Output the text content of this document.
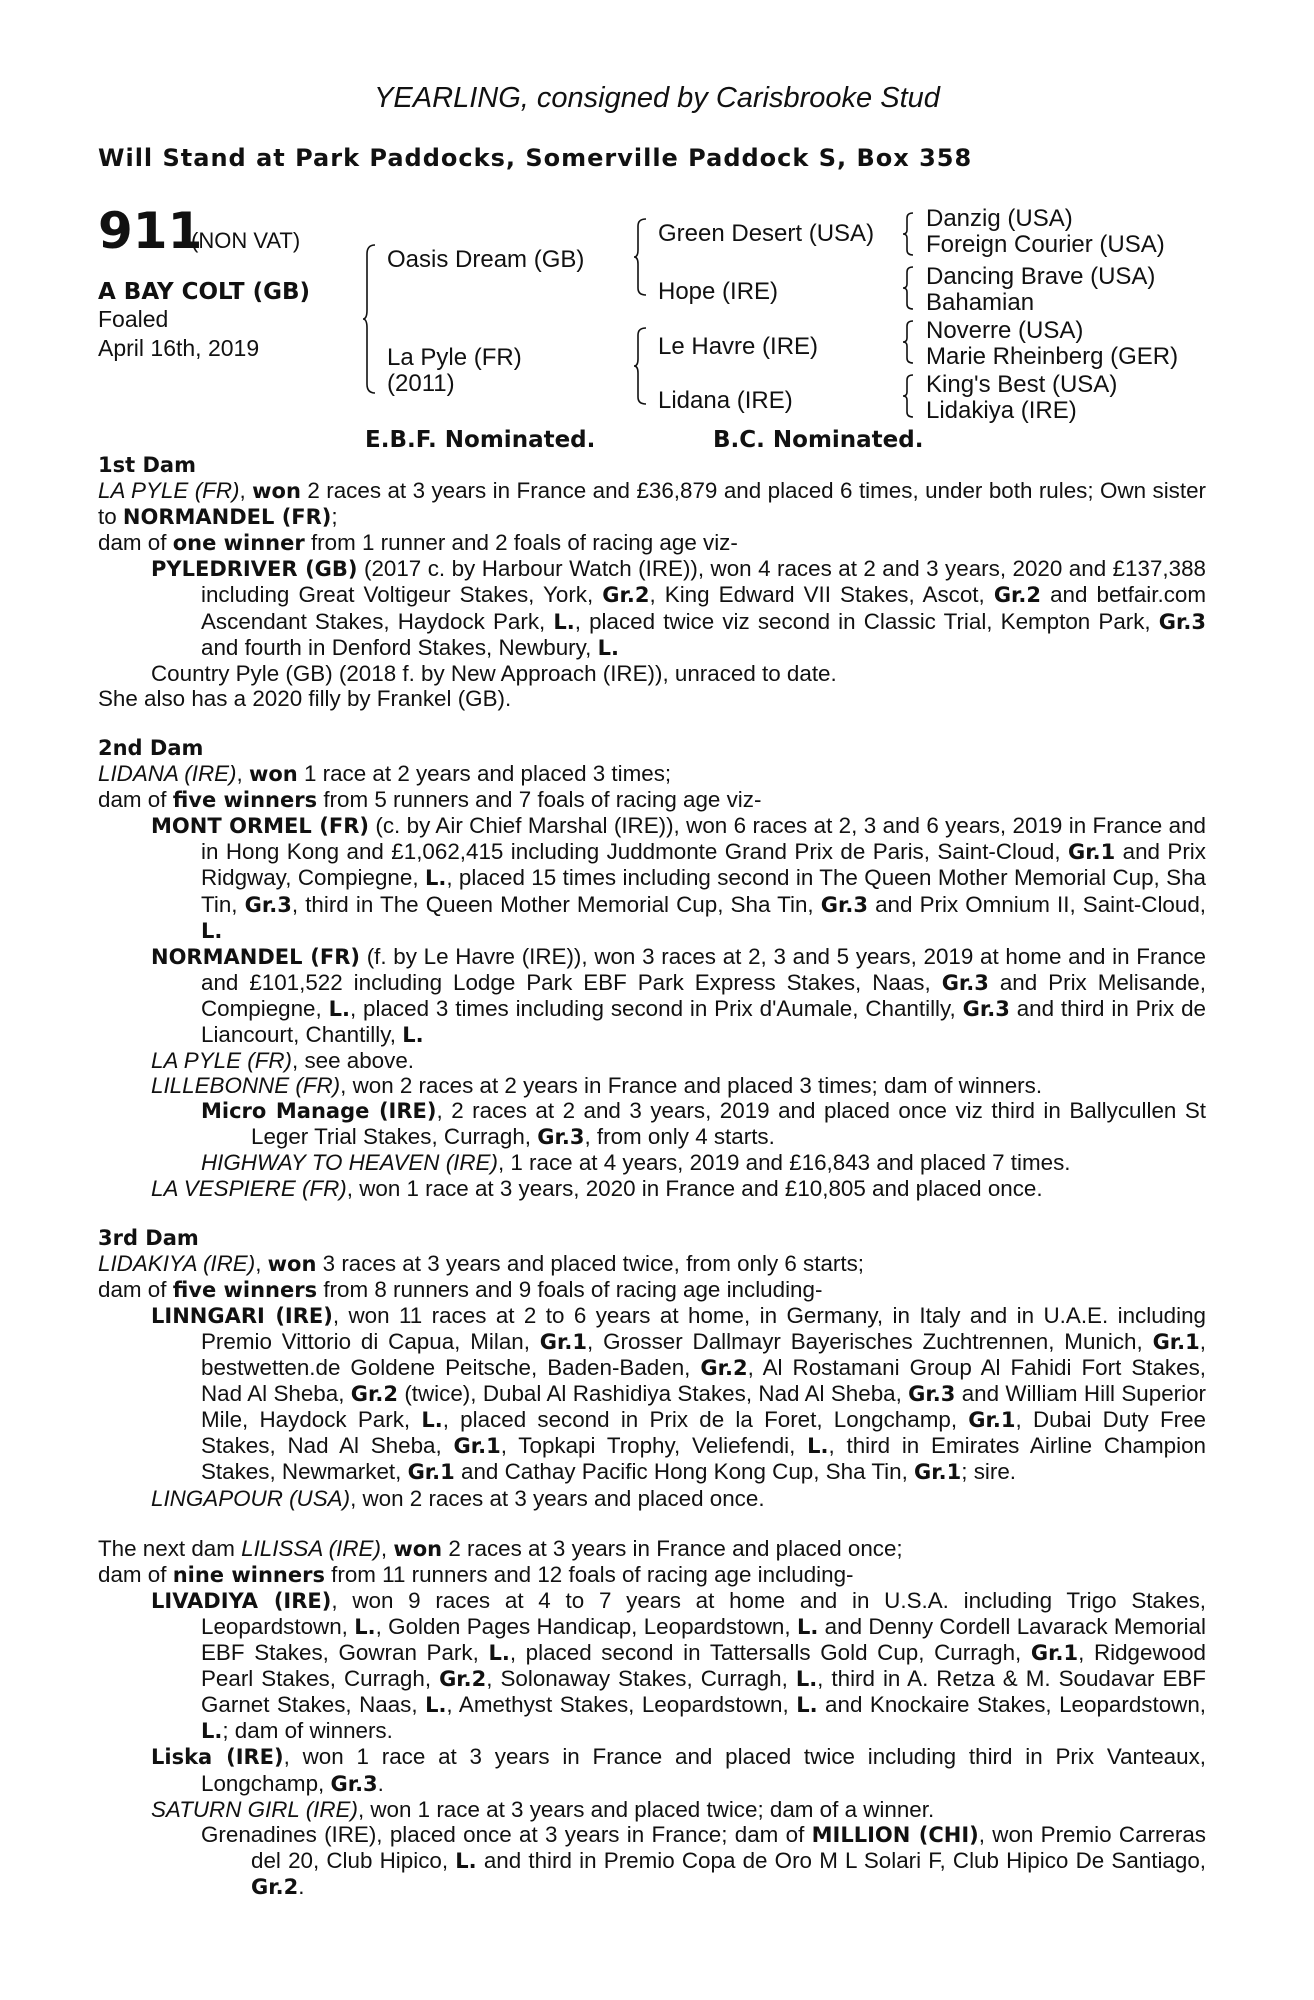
YEARLING, consigned by Carisbrooke Stud
Will Stand at Park Paddocks, Somerville Paddock S, Box 358
911
(NON VAT)
A BAY COLT (GB)
Foaled
April 16th, 2019
Oasis Dream (GB)
La Pyle (FR)
(2011)
Green Desert (USA)
Hope (IRE)
Le Havre (IRE)
Lidana (IRE)
Danzig (USA)
Foreign Courier (USA)
Dancing Brave (USA)
Bahamian
Noverre (USA)
Marie Rheinberg (GER)
King's Best (USA)
Lidakiya (IRE)
E.B.F. Nominated.	B.C. Nominated.
1st Dam

LA PYLE (FR), won 2 races at 3 years in France and £36,879 and placed 6 times, under both rules; Own sister to NORMANDEL (FR);

dam of one winner from 1 runner and 2 foals of racing age viz-

PYLEDRIVER (GB) (2017 c. by Harbour Watch (IRE)), won 4 races at 2 and 3 years, 2020 and £137,388 including Great Voltigeur Stakes, York, Gr.2, King Edward VII Stakes, Ascot, Gr.2 and betfair.com Ascendant Stakes, Haydock Park, L., placed twice viz second in Classic Trial, Kempton Park, Gr.3 and fourth in Denford Stakes, Newbury, L.

Country Pyle (GB) (2018 f. by New Approach (IRE)), unraced to date.

She also has a 2020 filly by Frankel (GB).

2nd Dam

LIDANA (IRE), won 1 race at 2 years and placed 3 times;

dam of five winners from 5 runners and 7 foals of racing age viz-

MONT ORMEL (FR) (c. by Air Chief Marshal (IRE)), won 6 races at 2, 3 and 6 years, 2019 in France and in Hong Kong and £1,062,415 including Juddmonte Grand Prix de Paris, Saint-Cloud, Gr.1 and Prix Ridgway, Compiegne, L., placed 15 times including second in The Queen Mother Memorial Cup, Sha Tin, Gr.3, third in The Queen Mother Memorial Cup, Sha Tin, Gr.3 and Prix Omnium II, Saint-Cloud, L.

NORMANDEL (FR) (f. by Le Havre (IRE)), won 3 races at 2, 3 and 5 years, 2019 at home and in France and £101,522 including Lodge Park EBF Park Express Stakes, Naas, Gr.3 and Prix Melisande, Compiegne, L., placed 3 times including second in Prix d'Aumale, Chantilly, Gr.3 and third in Prix de Liancourt, Chantilly, L.

LA PYLE (FR), see above.

LILLEBONNE (FR), won 2 races at 2 years in France and placed 3 times; dam of winners.

Micro Manage (IRE), 2 races at 2 and 3 years, 2019 and placed once viz third in Ballycullen St Leger Trial Stakes, Curragh, Gr.3, from only 4 starts.

HIGHWAY TO HEAVEN (IRE), 1 race at 4 years, 2019 and £16,843 and placed 7 times.

LA VESPIERE (FR), won 1 race at 3 years, 2020 in France and £10,805 and placed once.

3rd Dam

LIDAKIYA (IRE), won 3 races at 3 years and placed twice, from only 6 starts;

dam of five winners from 8 runners and 9 foals of racing age including-

LINNGARI (IRE), won 11 races at 2 to 6 years at home, in Germany, in Italy and in U.A.E. including Premio Vittorio di Capua, Milan, Gr.1, Grosser Dallmayr Bayerisches Zuchtrennen, Munich, Gr.1, bestwetten.de Goldene Peitsche, Baden-Baden, Gr.2, Al Rostamani Group Al Fahidi Fort Stakes, Nad Al Sheba, Gr.2 (twice), Dubal Al Rashidiya Stakes, Nad Al Sheba, Gr.3 and William Hill Superior Mile, Haydock Park, L., placed second in Prix de la Foret, Longchamp, Gr.1, Dubai Duty Free Stakes, Nad Al Sheba, Gr.1, Topkapi Trophy, Veliefendi, L., third in Emirates Airline Champion Stakes, Newmarket, Gr.1 and Cathay Pacific Hong Kong Cup, Sha Tin, Gr.1; sire.

LINGAPOUR (USA), won 2 races at 3 years and placed once.

The next dam LILISSA (IRE), won 2 races at 3 years in France and placed once;

dam of nine winners from 11 runners and 12 foals of racing age including-

LIVADIYA (IRE), won 9 races at 4 to 7 years at home and in U.S.A. including Trigo Stakes, Leopardstown, L., Golden Pages Handicap, Leopardstown, L. and Denny Cordell Lavarack Memorial EBF Stakes, Gowran Park, L., placed second in Tattersalls Gold Cup, Curragh, Gr.1, Ridgewood Pearl Stakes, Curragh, Gr.2, Solonaway Stakes, Curragh, L., third in A. Retza & M. Soudavar EBF Garnet Stakes, Naas, L., Amethyst Stakes, Leopardstown, L. and Knockaire Stakes, Leopardstown, L.; dam of winners.

Liska (IRE), won 1 race at 3 years in France and placed twice including third in Prix Vanteaux, Longchamp, Gr.3.

SATURN GIRL (IRE), won 1 race at 3 years and placed twice; dam of a winner.

Grenadines (IRE), placed once at 3 years in France; dam of MILLION (CHI), won Premio Carreras del 20, Club Hipico, L. and third in Premio Copa de Oro M L Solari F, Club Hipico De Santiago, Gr.2.
